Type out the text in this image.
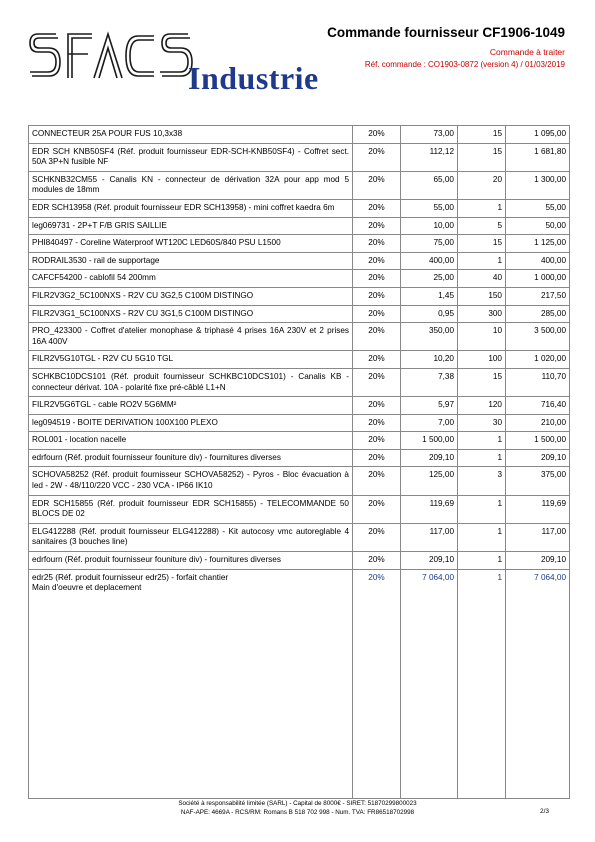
Industrie
Commande fournisseur CF1906-1049
Commande à traiter
Réf. commande : CO1903-0872 (version 4) / 01/03/2019
CONNECTEUR 25A POUR FUS 10,3x38	20%	73,00	15	1 095,00
EDR SCH KNB50SF4 (Réf. produit fournisseur EDR-SCH-KNB50SF4) - Coffret sect. 50A 3P+N fusible NF	20%	112,12	15	1 681,80
SCHKNB32CM55 - Canalis KN - connecteur de dérivation 32A pour app mod 5 modules de 18mm	20%	65,00	20	1 300,00
EDR SCH13958 (Réf. produit fournisseur EDR SCH13958) - mini coffret kaedra 6m	20%	55,00	1	55,00
leg069731 - 2P+T F/B GRIS SAILLIE	20%	10,00	5	50,00
PHI840497 - Coreline Waterproof WT120C LED60S/840 PSU L1500	20%	75,00	15	1 125,00
RODRAIL3530 - rail de supportage	20%	400,00	1	400,00
CAFCF54200 - cablofil 54 200mm	20%	25,00	40	1 000,00
FILR2V3G2_5C100NXS - R2V CU 3G2,5 C100M DISTINGO	20%	1,45	150	217,50
FILR2V3G1_5C100NXS - R2V CU 3G1,5 C100M DISTINGO	20%	0,95	300	285,00
PRO_423300 - Coffret d'atelier monophase & triphasé 4 prises 16A 230V et 2 prises 16A 400V	20%	350,00	10	3 500,00
FILR2V5G10TGL - R2V CU 5G10 TGL	20%	10,20	100	1 020,00
SCHKBC10DCS101 (Réf. produit fournisseur SCHKBC10DCS101) - Canalis KB - connecteur dérivat. 10A - polarité fixe pré-câblé L1+N	20%	7,38	15	110,70
FILR2V5G6TGL - cable RO2V 5G6MM²	20%	5,97	120	716,40
leg094519 - BOITE DERIVATION 100X100 PLEXO	20%	7,00	30	210,00
ROL001 - location nacelle	20%	1 500,00	1	1 500,00
edrfourn (Réf. produit fournisseur founiture div) - fournitures diverses	20%	209,10	1	209,10
SCHOVA58252 (Réf. produit fournisseur SCHOVA58252) - Pyros - Bloc évacuation à led - 2W - 48/110/220 VCC - 230 VCA - IP66 IK10	20%	125,00	3	375,00
EDR SCH15855 (Réf. produit fournisseur EDR SCH15855) - TELECOMMANDE 50 BLOCS DE 02	20%	119,69	1	119,69
ELG412288 (Réf. produit fournisseur ELG412288) - Kit autocosy vmc autoreglable 4 sanitaires (3 bouches line)	20%	117,00	1	117,00
edrfourn (Réf. produit fournisseur founiture div) - fournitures diverses	20%	209,10	1	209,10
edr25 (Réf. produit fournisseur edr25) - forfait chantier
Main d'oeuvre et deplacement	20%	7 064,00	1	7 064,00
Société à responsabilité limitée (SARL) - Capital de 8000€ - SIRET: 51870299800023
NAF-APE: 4669A - RCS/RM: Romans B 518 702 998 - Num. TVA: FR86518702998	2/3
